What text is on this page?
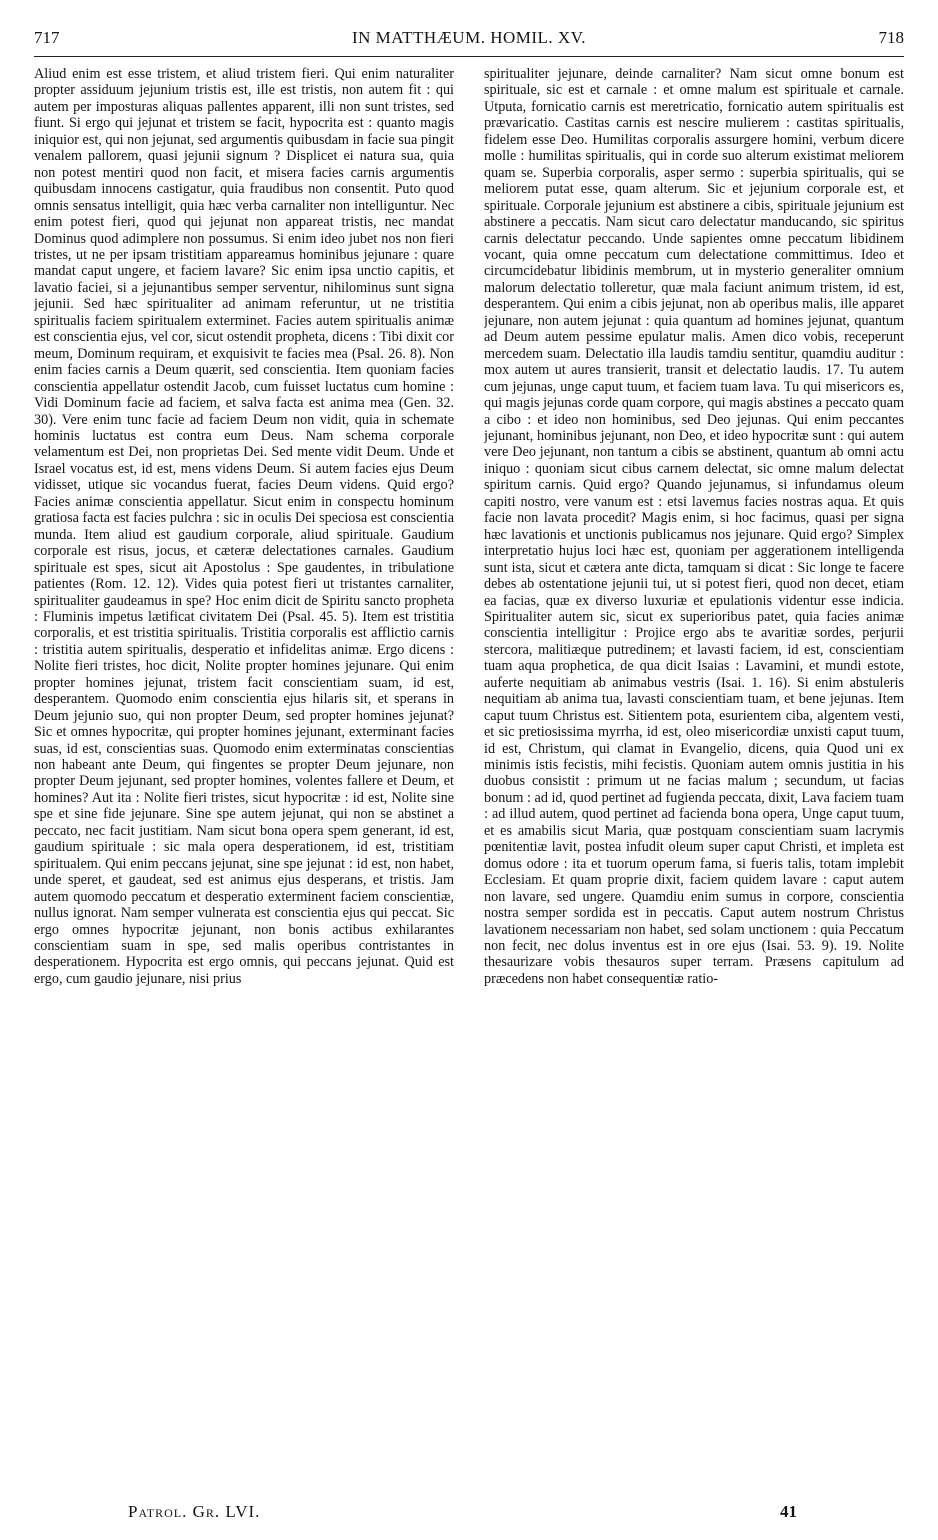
717	IN MATTHÆUM. HOMIL. XV.	718

Aliud enim est esse tristem, et aliud tristem fieri. Qui enim naturaliter propter assiduum jejunium tristis est, ille est tristis, non autem fit : qui autem per imposturas aliquas pallentes apparent, illi non sunt tristes, sed fiunt. Si ergo qui jejunat et tristem se facit, hypocrita est : quanto magis iniquior est, qui non jejunat, sed argumentis quibusdam in facie sua pingit venalem pallorem, quasi jejunii signum ? Displicet ei natura sua, quia non potest mentiri quod non facit, et misera facies carnis argumentis quibusdam innocens castigatur, quia fraudibus non consentit. Puto quod omnis sensatus intelligit, quia hæc verba carnaliter non intelliguntur. Nec enim potest fieri, quod qui jejunat non appareat tristis, nec mandat Dominus quod adimplere non possumus. Si enim ideo jubet nos non fieri tristes, ut ne per ipsam tristitiam appareamus hominibus jejunare : quare mandat caput ungere, et faciem lavare? Sic enim ipsa unctio capitis, et lavatio faciei, si a jejunantibus semper serventur, nihilominus sunt signa jejunii. Sed hæc spiritualiter ad animam referuntur, ut ne tristitia spiritualis faciem spiritualem exterminet. Facies autem spiritualis animæ est conscientia ejus, vel cor, sicut ostendit propheta, dicens : Tibi dixit cor meum, Dominum requiram, et exquisivit te facies mea (Psal. 26. 8). Non enim facies carnis a Deum quærit, sed conscientia. Item quoniam facies conscientia appellatur ostendit Jacob, cum fuisset luctatus cum homine : Vidi Dominum facie ad faciem, et salva facta est anima mea (Gen. 32. 30). Vere enim tunc facie ad faciem Deum non vidit, quia in schemate hominis luctatus est contra eum Deus. Nam schema corporale velamentum est Dei, non proprietas Dei. Sed mente vidit Deum. Unde et Israel vocatus est, id est, mens videns Deum. Si autem facies ejus Deum vidisset, utique sic vocandus fuerat, facies Deum videns. Quid ergo? Facies animæ conscientia appellatur. Sicut enim in conspectu hominum gratiosa facta est facies pulchra : sic in oculis Dei speciosa est conscientia munda. Item aliud est gaudium corporale, aliud spirituale. Gaudium corporale est risus, jocus, et cæteræ delectationes carnales. Gaudium spirituale est spes, sicut ait Apostolus : Spe gaudentes, in tribulatione patientes (Rom. 12. 12). Vides quia potest fieri ut tristantes carnaliter, spiritualiter gaudeamus in spe? Hoc enim dicit de Spiritu sancto propheta : Fluminis impetus lætificat civitatem Dei (Psal. 45. 5). Item est tristitia corporalis, et est tristitia spiritualis. Tristitia corporalis est afflictio carnis : tristitia autem spiritualis, desperatio et infidelitas animæ. Ergo dicens : Nolite fieri tristes, hoc dicit, Nolite propter homines jejunare. Qui enim propter homines jejunat, tristem facit conscientiam suam, id est, desperantem. Quomodo enim conscientia ejus hilaris sit, et sperans in Deum jejunio suo, qui non propter Deum, sed propter homines jejunat? Sic et omnes hypocritæ, qui propter homines jejunant, exterminant facies suas, id est, conscientias suas. Quomodo enim exterminatas conscientias non habeant ante Deum, qui fingentes se propter Deum jejunare, non propter Deum jejunant, sed propter homines, volentes fallere et Deum, et homines? Aut ita : Nolite fieri tristes, sicut hypocritæ : id est, Nolite sine spe et sine fide jejunare. Sine spe autem jejunat, qui non se abstinet a peccato, nec facit justitiam. Nam sicut bona opera spem generant, id est, gaudium spirituale : sic mala opera desperationem, id est, tristitiam spiritualem. Qui enim peccans jejunat, sine spe jejunat : id est, non habet, unde speret, et gaudeat, sed est animus ejus desperans, et tristis. Jam autem quomodo peccatum et desperatio exterminent faciem conscientiæ, nullus ignorat. Nam semper vulnerata est conscientia ejus qui peccat. Sic ergo omnes hypocritæ jejunant, non bonis actibus exhilarantes conscientiam suam in spe, sed malis operibus contristantes in desperationem. Hypocrita est ergo omnis, qui peccans jejunat. Quid est ergo, cum gaudio jejunare, nisi prius

spiritualiter jejunare, deinde carnaliter? Nam sicut omne bonum est spirituale, sic est et carnale : et omne malum est spirituale et carnale. Utputa, fornicatio carnis est meretricatio, fornicatio autem spiritualis est prævaricatio. Castitas carnis est nescire mulierem : castitas spiritualis, fidelem esse Deo. Humilitas corporalis assurgere homini, verbum dicere molle : humilitas spiritualis, qui in corde suo alterum existimat meliorem quam se. Superbia corporalis, asper sermo : superbia spiritualis, qui se meliorem putat esse, quam alterum. Sic et jejunium corporale est, et spirituale. Corporale jejunium est abstinere a cibis, spirituale jejunium est abstinere a peccatis. Nam sicut caro delectatur manducando, sic spiritus carnis delectatur peccando. Unde sapientes omne peccatum libidinem vocant, quia omne peccatum cum delectatione committimus. Ideo et circumcidebatur libidinis membrum, ut in mysterio generaliter omnium malorum delectatio tolleretur, quæ mala faciunt animum tristem, id est, desperantem. Qui enim a cibis jejunat, non ab operibus malis, ille apparet jejunare, non autem jejunat : quia quantum ad homines jejunat, quantum ad Deum autem pessime epulatur malis. Amen dico vobis, receperunt mercedem suam. Delectatio illa laudis tamdiu sentitur, quamdiu auditur : mox autem ut aures transierit, transit et delectatio laudis. 17. Tu autem cum jejunas, unge caput tuum, et faciem tuam lava. Tu qui misericors es, qui magis jejunas corde quam corpore, qui magis abstines a peccato quam a cibo : et ideo non hominibus, sed Deo jejunas. Qui enim peccantes jejunant, hominibus jejunant, non Deo, et ideo hypocritæ sunt : qui autem vere Deo jejunant, non tantum a cibis se abstinent, quantum ab omni actu iniquo : quoniam sicut cibus carnem delectat, sic omne malum delectat spiritum carnis. Quid ergo? Quando jejunamus, si infundamus oleum capiti nostro, vere vanum est : etsi lavemus facies nostras aqua. Et quis facie non lavata procedit? Magis enim, si hoc facimus, quasi per signa hæc lavationis et unctionis publicamus nos jejunare. Quid ergo? Simplex interpretatio hujus loci hæc est, quoniam per aggerationem intelligenda sunt ista, sicut et cætera ante dicta, tamquam si dicat : Sic longe te facere debes ab ostentatione jejunii tui, ut si potest fieri, quod non decet, etiam ea facias, quæ ex diverso luxuriæ et epulationis videntur esse indicia. Spiritualiter autem sic, sicut ex superioribus patet, quia facies animæ conscientia intelligitur : Projice ergo abs te avaritiæ sordes, perjurii stercora, malitiæque putredinem; et lavasti faciem, id est, conscientiam tuam aqua prophetica, de qua dicit Isaias : Lavamini, et mundi estote, auferte nequitiam ab animabus vestris (Isai. 1. 16). Si enim abstuleris nequitiam ab anima tua, lavasti conscientiam tuam, et bene jejunas. Item caput tuum Christus est. Sitientem pota, esurientem ciba, algentem vesti, et sic pretiosissima myrrha, id est, oleo misericordiæ unxisti caput tuum, id est, Christum, qui clamat in Evangelio, dicens, quia Quod uni ex minimis istis fecistis, mihi fecistis. Quoniam autem omnis justitia in his duobus consistit : primum ut ne facias malum ; secundum, ut facias bonum : ad id, quod pertinet ad fugienda peccata, dixit, Lava faciem tuam : ad illud autem, quod pertinet ad facienda bona opera, Unge caput tuum, et es amabilis sicut Maria, quæ postquam conscientiam suam lacrymis pœnitentiæ lavit, postea infudit oleum super caput Christi, et impleta est domus odore : ita et tuorum operum fama, si fueris talis, totam implebit Ecclesiam. Et quam proprie dixit, faciem quidem lavare : caput autem non lavare, sed ungere. Quamdiu enim sumus in corpore, conscientia nostra semper sordida est in peccatis. Caput autem nostrum Christus lavationem necessariam non habet, sed solam unctionem : quia Peccatum non fecit, nec dolus inventus est in ore ejus (Isai. 53. 9). 19. Nolite thesaurizare vobis thesauros super terram. Præsens capitulum ad præcedens non habet consequentiæ ratio-

Patrol. Gr. LVI.	41
